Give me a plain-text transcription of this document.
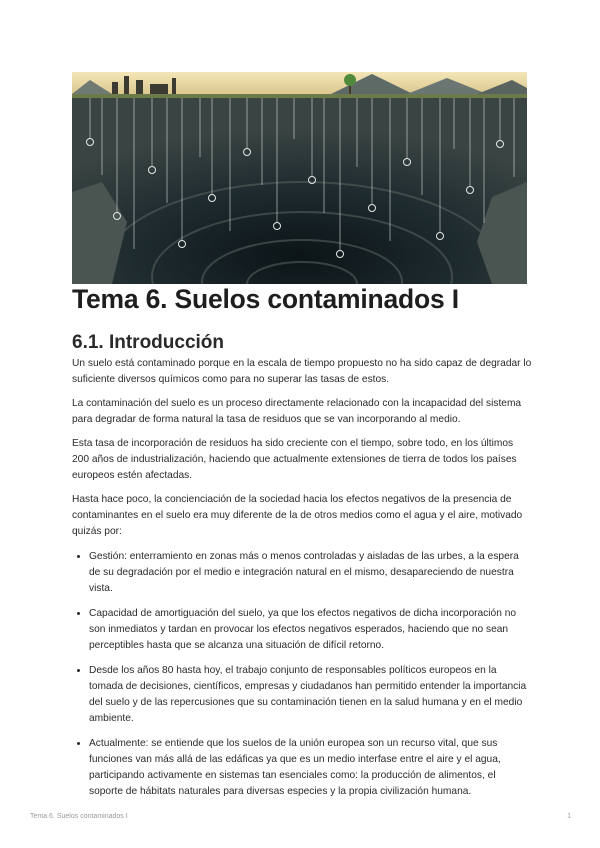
Tema 6. Suelos contaminados I
6.1. Introducción

Un suelo está contaminado porque en la escala de tiempo propuesto no ha sido capaz de degradar lo suficiente diversos químicos como para no superar las tasas de estos.

La contaminación del suelo es un proceso directamente relacionado con la incapacidad del sistema para degradar de forma natural la tasa de residuos que se van incorporando al medio.

Esta tasa de incorporación de residuos ha sido creciente con el tiempo, sobre todo, en los últimos 200 años de industrialización, haciendo que actualmente extensiones de tierra de todos los países europeos estén afectadas.

Hasta hace poco, la concienciación de la sociedad hacia los efectos negativos de la presencia de contaminantes en el suelo era muy diferente de la de otros medios como el agua y el aire, motivado quizás por:

• Gestión: enterramiento en zonas más o menos controladas y aisladas de las urbes, a la espera de su degradación por el medio e integración natural en el mismo, desapareciendo de nuestra vista.
• Capacidad de amortiguación del suelo, ya que los efectos negativos de dicha incorporación no son inmediatos y tardan en provocar los efectos negativos esperados, haciendo que no sean perceptibles hasta que se alcanza una situación de difícil retorno.
• Desde los años 80 hasta hoy, el trabajo conjunto de responsables políticos europeos en la tomada de decisiones, científicos, empresas y ciudadanos han permitido entender la importancia del suelo y de las repercusiones que su contaminación tienen en la salud humana y en el medio ambiente.
• Actualmente: se entiende que los suelos de la unión europea son un recurso vital, que sus funciones van más allá de las edáficas ya que es un medio interfase entre el aire y el agua, participando activamente en sistemas tan esenciales como: la producción de alimentos, el soporte de hábitats naturales para diversas especies y la propia civilización humana.
Tema 6. Suelos contaminados I	1
